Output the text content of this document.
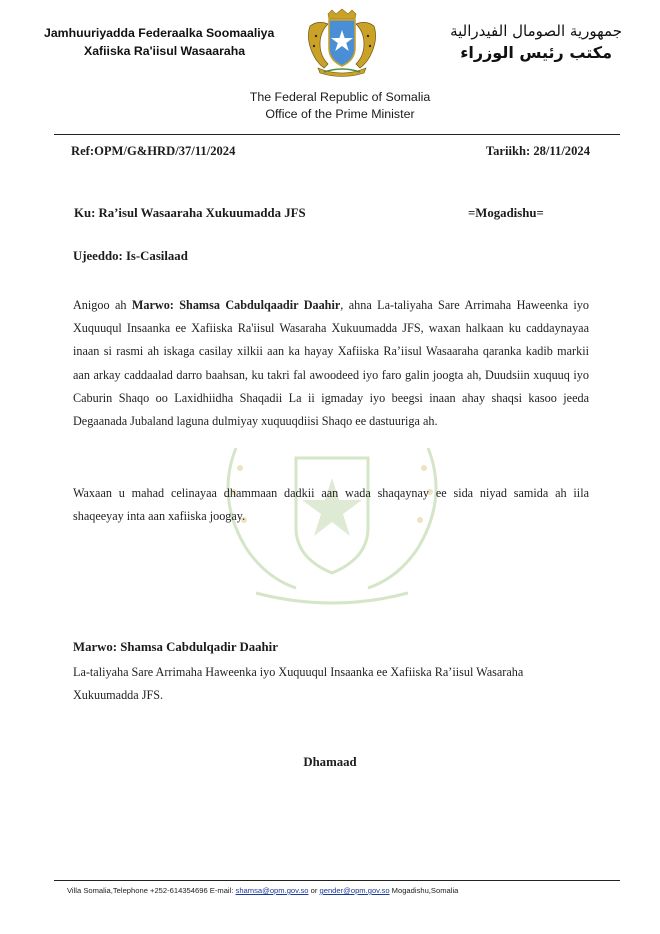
Jamhuuriyadda Federaalka Soomaaliya
Xafiiska Ra'iisul Wasaaraha
جمهورية الصومال الفيدرالية
مكتب رئيس الوزراء
The Federal Republic of Somalia
Office of the Prime Minister
Ref:OPM/G&HRD/37/11/2024	Tariikh: 28/11/2024
Ku: Ra’isul Wasaaraha Xukuumadda JFS	=Mogadishu=
Ujeeddo: Is-Casilaad
Anigoo ah Marwo: Shamsa Cabdulqaadir Daahir, ahna La-taliyaha Sare Arrimaha Haweenka iyo Xuquuqul Insaanka ee Xafiiska Ra'iisul Wasaraha Xukuumadda JFS, waxan halkaan ku caddaynayaa inaan si rasmi ah iskaga casilay xilkii aan ka hayay Xafiiska Ra’iisul Wasaaraha qaranka kadib markii aan arkay caddaalad darro baahsan, ku takri fal awoodeed iyo faro galin joogta ah, Duudsiin xuquuq iyo Caburin Shaqo oo Laxidhiidha Shaqadii La ii igmaday iyo beegsi inaan ahay shaqsi kasoo jeeda Degaanada Jubaland laguna dulmiyay xuquuqdiisi Shaqo ee dastuuriga ah.
Waxaan u mahad celinayaa dhammaan dadkii aan wada shaqaynay ee sida niyad samida ah iila shaqeeyay inta aan xafiiska joogay.
Marwo: Shamsa Cabdulqadir Daahir
La-taliyaha Sare Arrimaha Haweenka iyo Xuquuqul Insaanka ee Xafiiska Ra’iisul Wasaraha Xukuumadda JFS.
Dhamaad
Villa Somalia,Telephone +252-614354696 E-mail: shamsa@opm.gov.so or gender@opm.gov.so Mogadishu,Somalia
